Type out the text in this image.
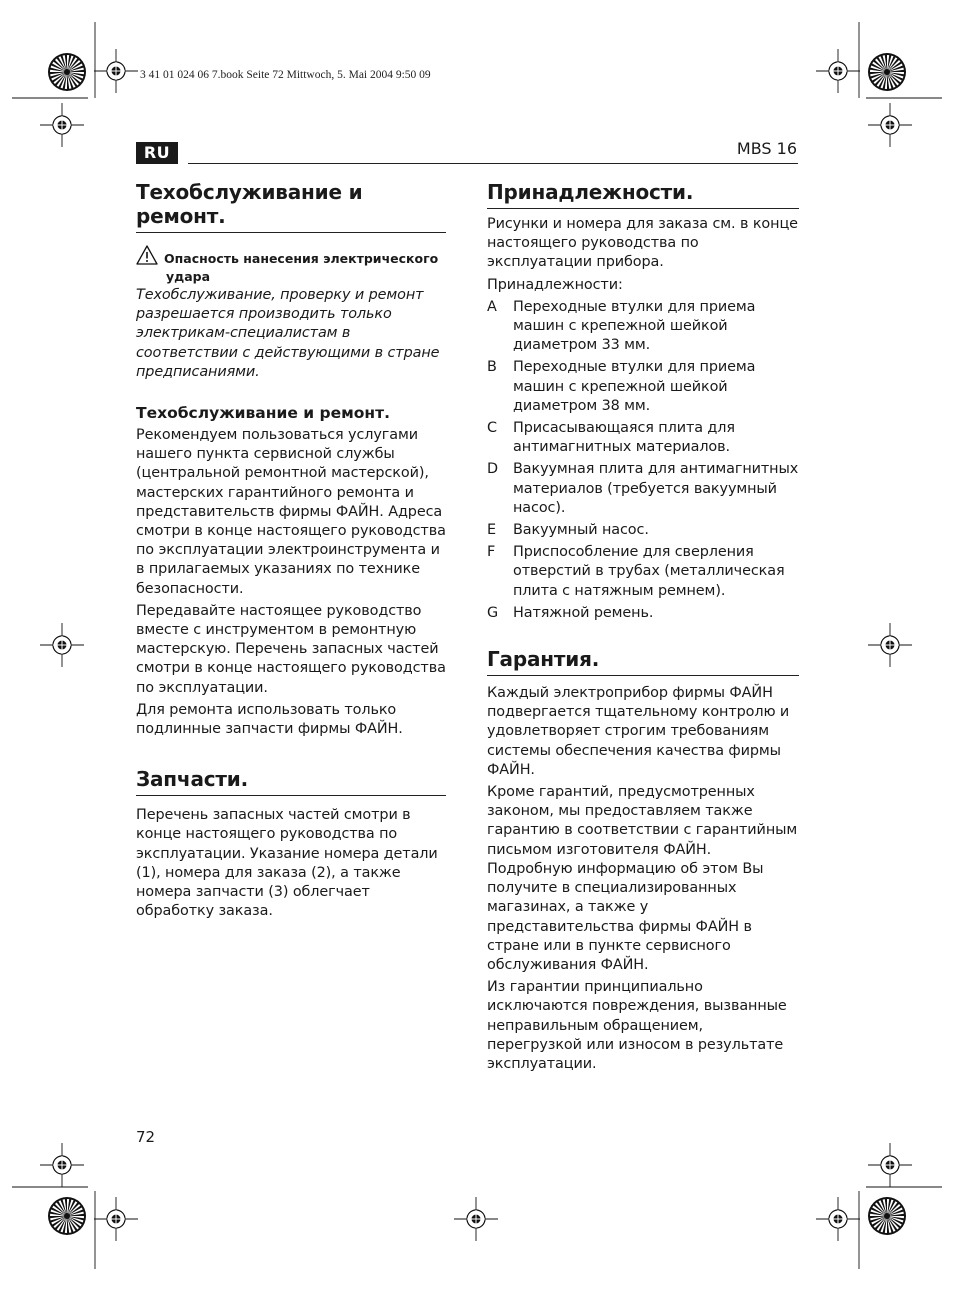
3 41 01 024 06 7.book Seite 72 Mittwoch, 5. Mai 2004 9:50 09
RU	MBS 16
Техобслуживание и ремонт.
Опасность нанесения электрического удара

Техобслуживание, проверку и ремонт разрешается производить только электрикам-специалистам в соответствии с действующими в стране предписаниями.

Техобслуживание и ремонт.

Рекомендуем пользоваться услугами нашего пункта сервисной службы (центральной ремонтной мастерской), мастерских гарантийного ремонта и представительств фирмы ФАЙН. Адреса смотри в конце настоящего руководства по эксплуатации электроинструмента и в прилагаемых указаниях по технике безопасности.

Передавайте настоящее руководство вместе с инструментом в ремонтную мастерскую. Перечень запасных частей смотри в конце настоящего руководства по эксплуатации.

Для ремонта использовать только подлинные запчасти фирмы ФАЙН.

Запчасти.

Перечень запасных частей смотри в конце настоящего руководства по эксплуатации. Указание номера детали (1), номера для заказа (2), а также номера запчасти (3) облегчает обработку заказа.

Принадлежности.

Рисунки и номера для заказа см. в конце настоящего руководства по эксплуатации прибора.

Принадлежности:

A Переходные втулки для приема машин с крепежной шейкой диаметром 33 мм.
B Переходные втулки для приема машин с крепежной шейкой диаметром 38 мм.
C Присасывающаяся плита для антимагнитных материалов.
D Вакуумная плита для антимагнитных материалов (требуется вакуумный насос).
E Вакуумный насос.
F Приспособление для сверления отверстий в трубах (металлическая плита с натяжным ремнем).
G Натяжной ремень.
Гарантия.

Каждый электроприбор фирмы ФАЙН подвергается тщательному контролю и удовлетворяет строгим требованиям системы обеспечения качества фирмы ФАЙН.

Кроме гарантий, предусмотренных законом, мы предоставляем также гарантию в соответствии с гарантийным письмом изготовителя ФАЙН. Подробную информацию об этом Вы получите в специализированных магазинах, а также у представительства фирмы ФАЙН в стране или в пункте сервисного обслуживания ФАЙН.

Из гарантии принципиально исключаются повреждения, вызванные неправильным обращением, перегрузкой или износом в результате эксплуатации.

72
